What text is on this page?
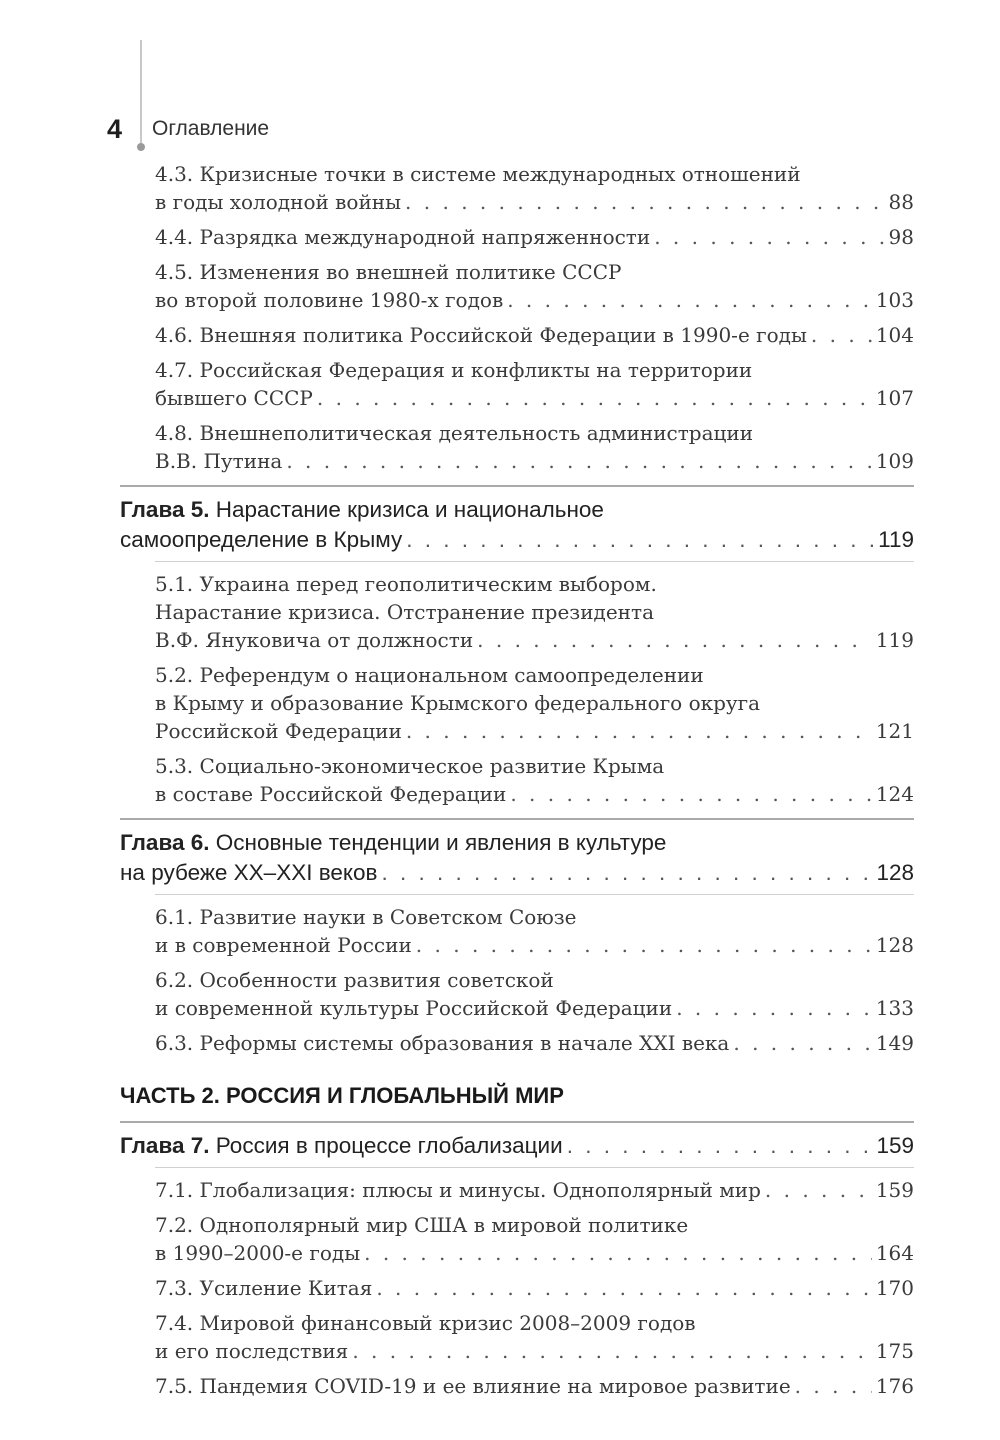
4 Оглавление
4.3. Кризисные точки в системе международных отношений
в годы холодной войны . . .	88
4.4. Разрядка международной напряженности . . .	98
4.5. Изменения во внешней политике СССР
во второй половине 1980-х годов . . .	103
4.6. Внешняя политика Российской Федерации в 1990-е годы . . .	104
4.7. Российская Федерация и конфликты на территории
бывшего СССР . . .	107
4.8. Внешнеполитическая деятельность администрации
В.В. Путина . . .	109
Глава 5. Нарастание кризиса и национальное
самоопределение в Крыму . . .	119
5.1. Украина перед геополитическим выбором.
Нарастание кризиса. Отстранение президента
В.Ф. Януковича от должности . . .	119
5.2. Референдум о национальном самоопределении
в Крыму и образование Крымского федерального округа
Российской Федерации . . .	121
5.3. Социально-экономическое развитие Крыма
в составе Российской Федерации . . .	124
Глава 6. Основные тенденции и явления в культуре
на рубеже XX–XXI веков . . .	128
6.1. Развитие науки в Советском Союзе
и в современной России . . .	128
6.2. Особенности развития советской
и современной культуры Российской Федерации . . .	133
6.3. Реформы системы образования в начале XXI века . . .	149
ЧАСТЬ 2. РОССИЯ И ГЛОБАЛЬНЫЙ МИР
Глава 7. Россия в процессе глобализации . . .	159
7.1. Глобализация: плюсы и минусы. Однополярный мир . . .	159
7.2. Однополярный мир США в мировой политике
в 1990–2000-е годы . . .	164
7.3. Усиление Китая . . .	170
7.4. Мировой финансовый кризис 2008–2009 годов
и его последствия . . .	175
7.5. Пандемия COVID-19 и ее влияние на мировое развитие . . .	176
